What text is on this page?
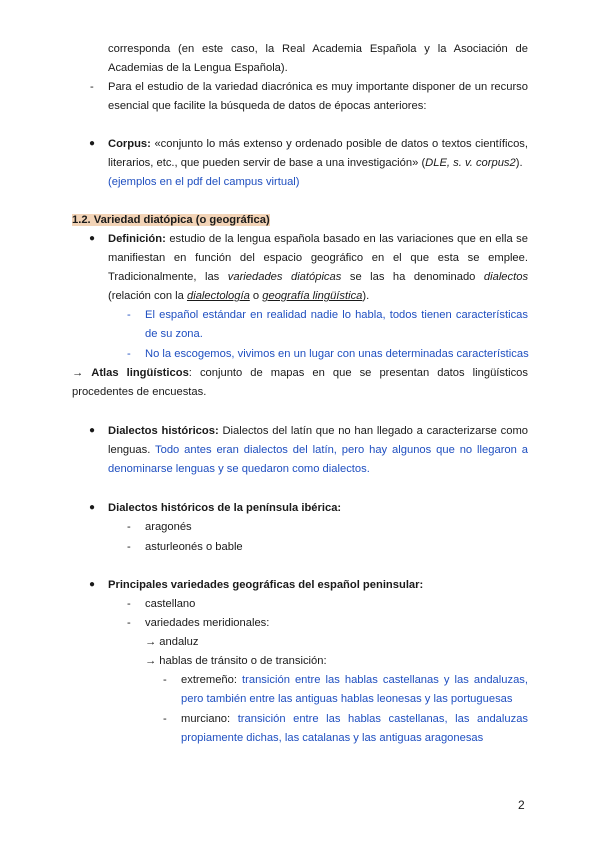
corresponda (en este caso, la Real Academia Española y la Asociación de
Academias de la Lengua Española).
- Para el estudio de la variedad diacrónica es muy importante disponer de un recurso
esencial que facilite la búsqueda de datos de épocas anteriores:
● Corpus: «conjunto lo más extenso y ordenado posible de datos o textos científicos,
literarios, etc., que pueden servir de base a una investigación» (DLE, s. v. corpus2).
(ejemplos en el pdf del campus virtual)
1.2. Variedad diatópica (o geográfica)
● Definición: estudio de la lengua española basado en las variaciones que en ella se
manifiestan en función del espacio geográfico en el que esta se emplee.
Tradicionalmente, las variedades diatópicas se las ha denominado dialectos
(relación con la dialectología o geografía lingüística).
- El español estándar en realidad nadie lo habla, todos tienen características
de su zona.
- No la escogemos, vivimos en un lugar con unas determinadas características
→ Atlas lingüísticos: conjunto de mapas en que se presentan datos lingüísticos
procedentes de encuestas.
● Dialectos históricos: Dialectos del latín que no han llegado a caracterizarse como
lenguas. Todo antes eran dialectos del latín, pero hay algunos que no llegaron a
denominarse lenguas y se quedaron como dialectos.
● Dialectos históricos de la península ibérica:
- aragonés
- asturleonés o bable
● Principales variedades geográficas del español peninsular:
- castellano
- variedades meridionales:
→ andaluz
→ hablas de tránsito o de transición:
- extremeño: transición entre las hablas castellanas y las andaluzas,
pero también entre las antiguas hablas leonesas y las portuguesas
- murciano: transición entre las hablas castellanas, las andaluzas
propiamente dichas, las catalanas y las antiguas aragonesas
2
